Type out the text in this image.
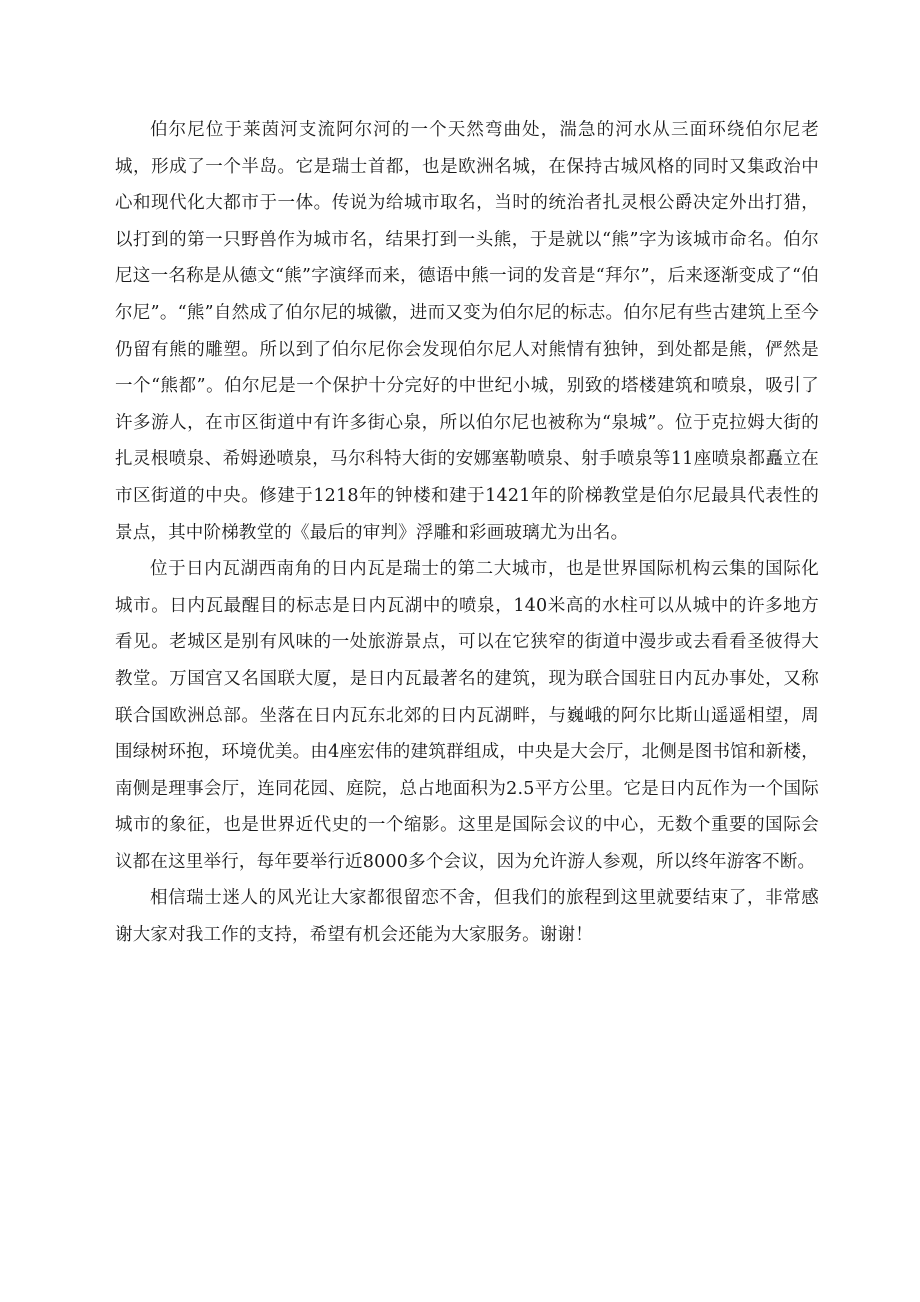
伯尔尼位于莱茵河支流阿尔河的一个天然弯曲处，湍急的河水从三面环绕伯尔尼老城，形成了一个半岛。它是瑞士首都，也是欧洲名城，在保持古城风格的同时又集政治中心和现代化大都市于一体。传说为给城市取名，当时的统治者扎灵根公爵决定外出打猎，以打到的第一只野兽作为城市名，结果打到一头熊，于是就以“熊”字为该城市命名。伯尔尼这一名称是从德文“熊”字演绎而来，德语中熊一词的发音是“拜尔”，后来逐渐变成了“伯尔尼”。“熊”自然成了伯尔尼的城徽，进而又变为伯尔尼的标志。伯尔尼有些古建筑上至今仍留有熊的雕塑。所以到了伯尔尼你会发现伯尔尼人对熊情有独钟，到处都是熊，俨然是一个“熊都”。伯尔尼是一个保护十分完好的中世纪小城，别致的塔楼建筑和喷泉，吸引了许多游人，在市区街道中有许多街心泉，所以伯尔尼也被称为“泉城”。位于克拉姆大街的扎灵根喷泉、希姆逊喷泉，马尔科特大街的安娜塞勒喷泉、射手喷泉等11座喷泉都矗立在市区街道的中央。修建于1218年的钟楼和建于1421年的阶梯教堂是伯尔尼最具代表性的景点，其中阶梯教堂的《最后的审判》浮雕和彩画玻璃尤为出名。

位于日内瓦湖西南角的日内瓦是瑞士的第二大城市，也是世界国际机构云集的国际化城市。日内瓦最醒目的标志是日内瓦湖中的喷泉，140米高的水柱可以从城中的许多地方看见。老城区是别有风味的一处旅游景点，可以在它狭窄的街道中漫步或去看看圣彼得大教堂。万国宫又名国联大厦，是日内瓦最著名的建筑，现为联合国驻日内瓦办事处，又称联合国欧洲总部。坐落在日内瓦东北郊的日内瓦湖畔，与巍峨的阿尔比斯山遥遥相望，周围绿树环抱，环境优美。由4座宏伟的建筑群组成，中央是大会厅，北侧是图书馆和新楼，南侧是理事会厅，连同花园、庭院，总占地面积为2.5平方公里。它是日内瓦作为一个国际城市的象征，也是世界近代史的一个缩影。这里是国际会议的中心，无数个重要的国际会议都在这里举行，每年要举行近8000多个会议，因为允许游人参观，所以终年游客不断。

相信瑞士迷人的风光让大家都很留恋不舍，但我们的旅程到这里就要结束了，非常感谢大家对我工作的支持，希望有机会还能为大家服务。谢谢！
